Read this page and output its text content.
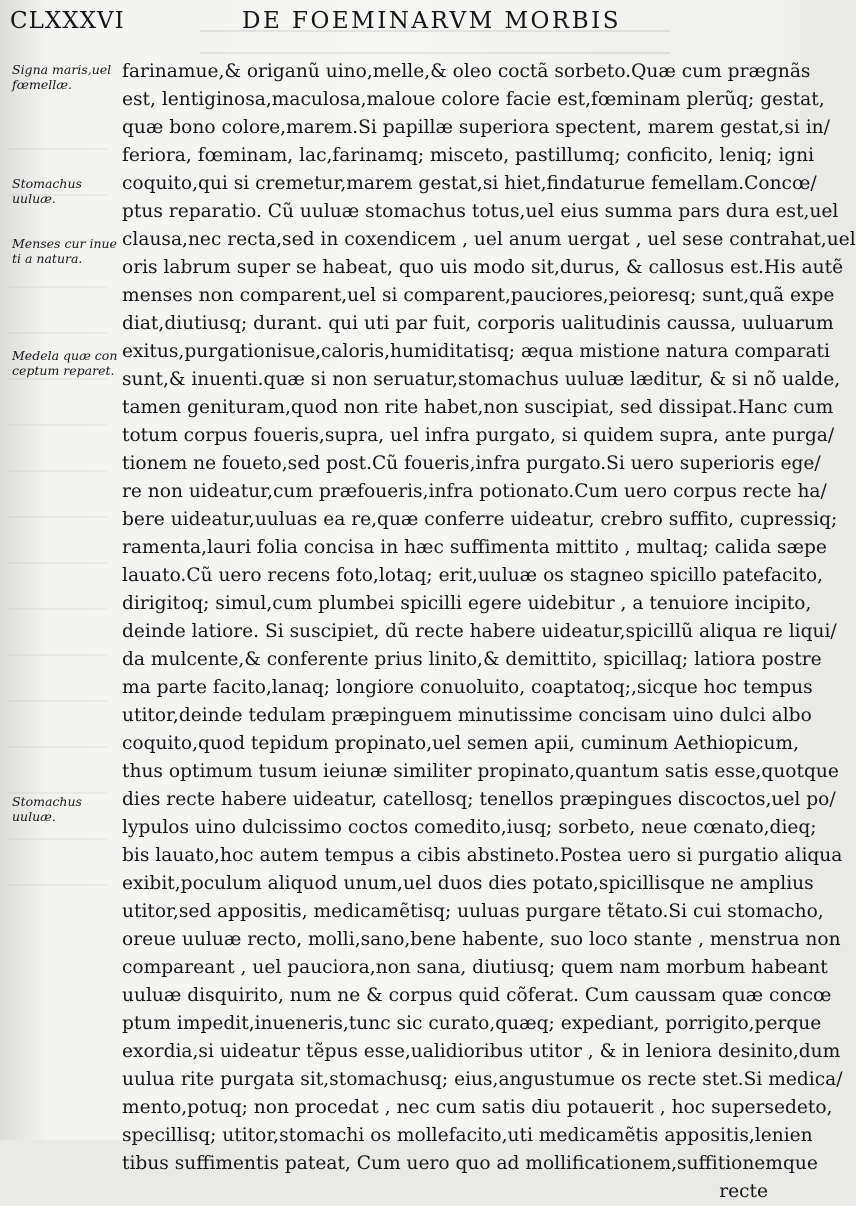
CLXXXVI	DE FOEMINARVM MORBIS
Signa maris,uel fœmellæ.
Stomachus uuluæ.
Menses cur inue ti a natura.
Medela quæ con ceptum reparet.
Stomachus uuluæ.
farinamue,& origanũ uino,melle,& oleo coctã sorbeto.Quæ cum prægnãs
est, lentiginosa,maculosa,maloue colore facie est,fœminam plerũq; gestat,
quæ bono colore,marem.Si papillæ superiora spectent, marem gestat,si in/
feriora, fœminam, lac,farinamq; misceto, pastillumq; conficito, leniq; igni
coquito,qui si cremetur,marem gestat,si hiet,findaturue femellam.Concœ/
ptus reparatio. Cũ uuluæ stomachus totus,uel eius summa pars dura est,uel
clausa,nec recta,sed in coxendicem , uel anum uergat , uel sese contrahat,uel
oris labrum super se habeat, quo uis modo sit,durus, & callosus est.His autẽ
menses non comparent,uel si comparent,pauciores,peioresq; sunt,quã expe
diat,diutiusq; durant. qui uti par fuit, corporis ualitudinis caussa, uuluarum
exitus,purgationisue,caloris,humiditatisq; æqua mistione natura comparati
sunt,& inuenti.quæ si non seruatur,stomachus uuluæ læditur, & si nõ ualde,
tamen genituram,quod non rite habet,non suscipiat, sed dissipat.Hanc cum
totum corpus foueris,supra, uel infra purgato, si quidem supra, ante purga/
tionem ne foueto,sed post.Cũ foueris,infra purgato.Si uero superioris ege/
re non uideatur,cum præfoueris,infra potionato.Cum uero corpus recte ha/
bere uideatur,uuluas ea re,quæ conferre uideatur, crebro suffito, cupressiq;
ramenta,lauri folia concisa in hæc suffimenta mittito , multaq; calida sæpe
lauato.Cũ uero recens foto,lotaq; erit,uuluæ os stagneo spicillo patefacito,
dirigitoq; simul,cum plumbei spicilli egere uidebitur , a tenuiore incipito,
deinde latiore. Si suscipiet, dũ recte habere uideatur,spicillũ aliqua re liqui/
da mulcente,& conferente prius linito,& demittito, spicillaq; latiora postre
ma parte facito,lanaq; longiore conuoluito, coaptatoq;,sicque hoc tempus
utitor,deinde tedulam præpinguem minutissime concisam uino dulci albo
coquito,quod tepidum propinato,uel semen apii, cuminum Aethiopicum,
thus optimum tusum ieiunæ similiter propinato,quantum satis esse,quotque
dies recte habere uideatur, catellosq; tenellos præpingues discoctos,uel po/
lypulos uino dulcissimo coctos comedito,iusq; sorbeto, neue cœnato,dieq;
bis lauato,hoc autem tempus a cibis abstineto.Postea uero si purgatio aliqua
exibit,poculum aliquod unum,uel duos dies potato,spicillisque ne amplius
utitor,sed appositis, medicamẽtisq; uuluas purgare tẽtato.Si cui stomacho,
oreue uuluæ recto, molli,sano,bene habente, suo loco stante , menstrua non
compareant , uel pauciora,non sana, diutiusq; quem nam morbum habeant
uuluæ disquirito, num ne & corpus quid cõferat. Cum caussam quæ concœ
ptum impedit,inueneris,tunc sic curato,quæq; expediant, porrigito,perque
exordia,si uideatur tẽpus esse,ualidioribus utitor , & in leniora desinito,dum
uulua rite purgata sit,stomachusq; eius,angustumue os recte stet.Si medica/
mento,potuq; non procedat , nec cum satis diu potauerit , hoc supersedeto,
specillisq; utitor,stomachi os mollefacito,uti medicamẽtis appositis,lenien
tibus suffimentis pateat, Cum uero quo ad mollificationem,suffitionemque
recte
